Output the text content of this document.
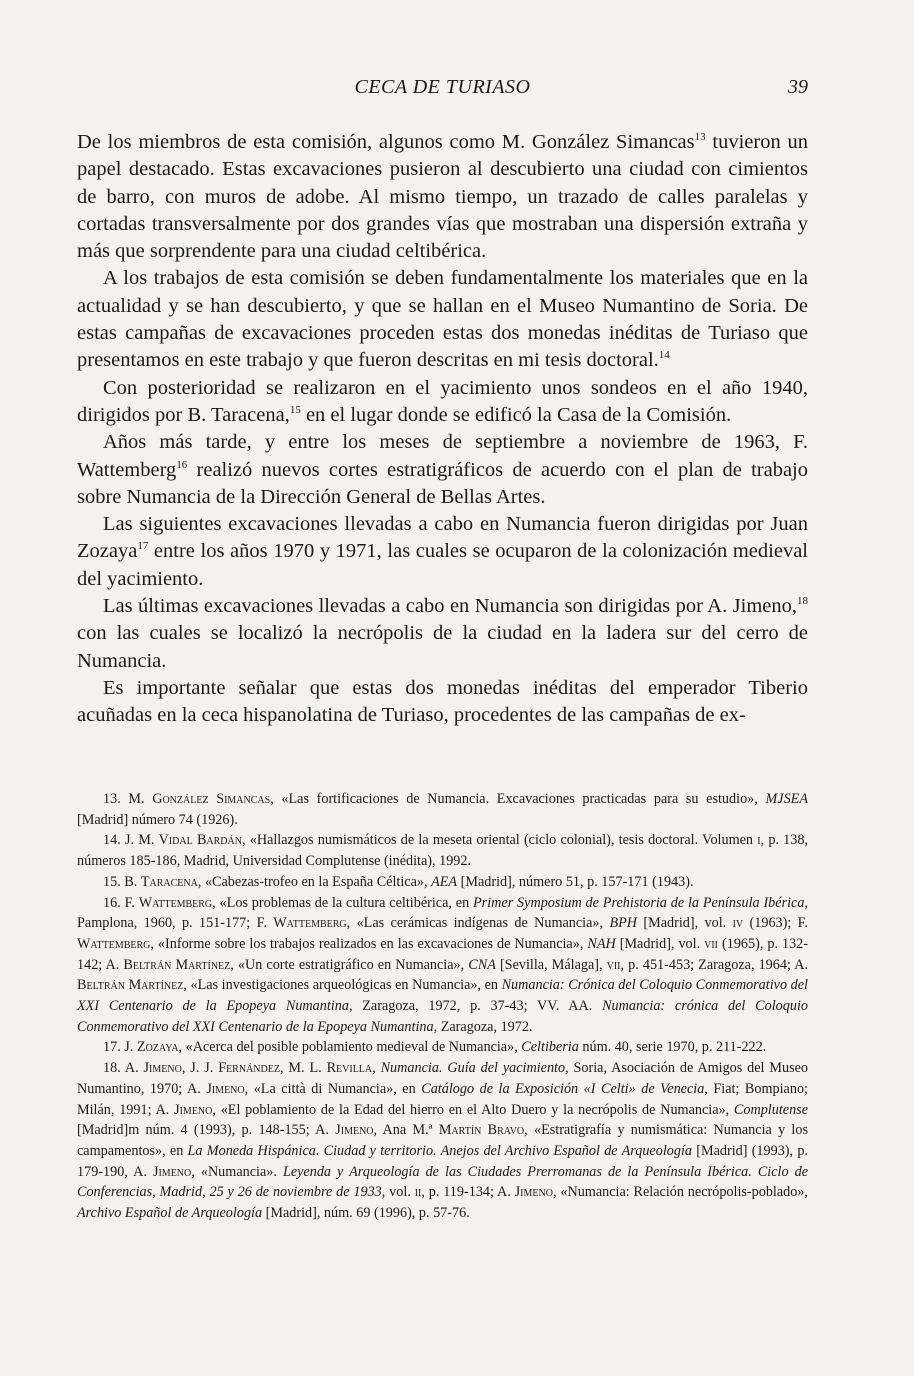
CECA DE TURIASO	39

De los miembros de esta comisión, algunos como M. González Simancas$^{13}$ tuvieron un papel destacado. Estas excavaciones pusieron al descubierto una ciudad con cimientos de barro, con muros de adobe. Al mismo tiempo, un trazado de calles paralelas y cortadas transversalmente por dos grandes vías que mostraban una dispersión extraña y más que sorprendente para una ciudad celtibérica.

A los trabajos de esta comisión se deben fundamentalmente los materiales que en la actualidad y se han descubierto, y que se hallan en el Museo Numantino de Soria. De estas campañas de excavaciones proceden estas dos monedas inéditas de Turiaso que presentamos en este trabajo y que fueron descritas en mi tesis doctoral.$^{14}$

Con posterioridad se realizaron en el yacimiento unos sondeos en el año 1940, dirigidos por B. Taracena,$^{15}$ en el lugar donde se edificó la Casa de la Comisión.

Años más tarde, y entre los meses de septiembre a noviembre de 1963, F. Wattemberg$^{16}$ realizó nuevos cortes estratigráficos de acuerdo con el plan de trabajo sobre Numancia de la Dirección General de Bellas Artes.

Las siguientes excavaciones llevadas a cabo en Numancia fueron dirigidas por Juan Zozaya$^{17}$ entre los años 1970 y 1971, las cuales se ocuparon de la colonización medieval del yacimiento.

Las últimas excavaciones llevadas a cabo en Numancia son dirigidas por A. Jimeno,$^{18}$ con las cuales se localizó la necrópolis de la ciudad en la ladera sur del cerro de Numancia.

Es importante señalar que estas dos monedas inéditas del emperador Tiberio acuñadas en la ceca hispanolatina de Turiaso, procedentes de las campañas de ex-

13. M. González Simancas, «Las fortificaciones de Numancia. Excavaciones practicadas para su estudio», MJSEA [Madrid] número 74 (1926).

14. J. M. Vidal Bardán, «Hallazgos numismáticos de la meseta oriental (ciclo colonial), tesis doctoral. Volumen i, p. 138, números 185-186, Madrid, Universidad Complutense (inédita), 1992.

15. B. Taracena, «Cabezas-trofeo en la España Céltica», AEA [Madrid], número 51, p. 157-171 (1943).

16. F. Wattemberg, «Los problemas de la cultura celtibérica, en Primer Symposium de Prehistoria de la Península Ibérica, Pamplona, 1960, p. 151-177; F. Wattemberg, «Las cerámicas indígenas de Numancia», BPH [Madrid], vol. iv (1963); F. Wattemberg, «Informe sobre los trabajos realizados en las excavaciones de Numancia», NAH [Madrid], vol. vii (1965), p. 132-142; A. Beltrán Martínez, «Un corte estratigráfico en Numancia», CNA [Sevilla, Málaga], vii, p. 451-453; Zaragoza, 1964; A. Beltrán Martínez, «Las investigaciones arqueológicas en Numancia», en Numancia: Crónica del Coloquio Conmemorativo del XXI Centenario de la Epopeya Numantina, Zaragoza, 1972, p. 37-43; VV. AA. Numancia: crónica del Coloquio Conmemorativo del XXI Centenario de la Epopeya Numantina, Zaragoza, 1972.

17. J. Zozaya, «Acerca del posible poblamiento medieval de Numancia», Celtiberia núm. 40, serie 1970, p. 211-222.

18. A. Jimeno, J. J. Fernández, M. L. Revilla, Numancia. Guía del yacimiento, Soria, Asociación de Amigos del Museo Numantino, 1970; A. Jimeno, «La città di Numancia», en Catálogo de la Exposición «I Celti» de Venecia, Fiat; Bompiano; Milán, 1991; A. Jimeno, «El poblamiento de la Edad del hierro en el Alto Duero y la necrópolis de Numancia», Complutense [Madrid]m núm. 4 (1993), p. 148-155; A. Jimeno, Ana M.ª Martín Bravo, «Estratigrafía y numismática: Numancia y los campamentos», en La Moneda Hispánica. Ciudad y territorio. Anejos del Archivo Español de Arqueología [Madrid] (1993), p. 179-190, A. Jimeno, «Numancia». Leyenda y Arqueología de las Ciudades Prerromanas de la Península Ibérica. Ciclo de Conferencias, Madrid, 25 y 26 de noviembre de 1933, vol. ii, p. 119-134; A. Jimeno, «Numancia: Relación necrópolis-poblado», Archivo Español de Arqueología [Madrid], núm. 69 (1996), p. 57-76.
